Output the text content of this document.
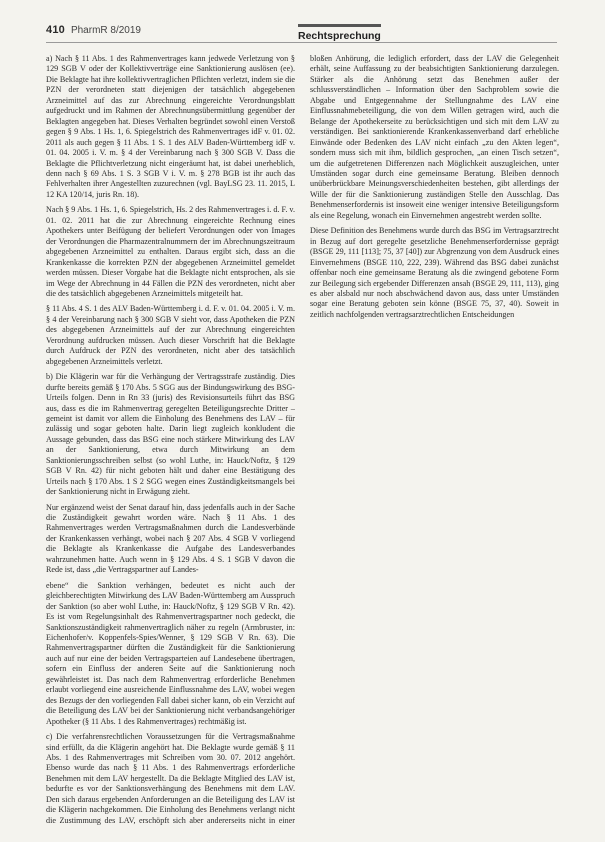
410 PharmR 8/2019	Rechtsprechung

a) Nach § 11 Abs. 1 des Rahmenvertrages kann jedwede Verletzung von § 129 SGB V oder der Kollektivverträge eine Sanktionierung auslösen (ee). Die Beklagte hat ihre kollektivvertraglichen Pflichten verletzt, indem sie die PZN der verordneten statt diejenigen der tatsächlich abgegebenen Arzneimittel auf das zur Abrechnung eingereichte Verordnungsblatt aufgedruckt und im Rahmen der Abrechnungsübermittlung gegenüber der Beklagten angegeben hat. Dieses Verhalten begründet sowohl einen Verstoß gegen § 9 Abs. 1 Hs. 1, 6. Spiegelstrich des Rahmenvertrages idF v. 01. 02. 2011 als auch gegen § 11 Abs. 1 S. 1 des ALV Baden-Württemberg idF v. 01. 04. 2005 i. V. m. § 4 der Vereinbarung nach § 300 SGB V. Dass die Beklagte die Pflichtverletzung nicht eingeräumt hat, ist dabei unerheblich, denn nach § 69 Abs. 1 S. 3 SGB V i. V. m. § 278 BGB ist ihr auch das Fehlverhalten ihrer Angestellten zuzurechnen (vgl. BayLSG 23. 11. 2015, L 12 KA 120/14, juris Rn. 18).

Nach § 9 Abs. 1 Hs. 1, 6. Spiegelstrich, Hs. 2 des Rahmenvertrages i. d. F. v. 01. 02. 2011 hat die zur Abrechnung eingereichte Rechnung eines Apothekers unter Beifügung der beliefert Verordnungen oder von Images der Verordnungen die Pharmazentralnummern der im Abrechnungszeitraum abgegebenen Arzneimittel zu enthalten. Daraus ergibt sich, dass an die Krankenkasse die korrekten PZN der abgegebenen Arzneimittel gemeldet werden müssen. Dieser Vorgabe hat die Beklagte nicht entsprochen, als sie im Wege der Abrechnung in 44 Fällen die PZN des verordneten, nicht aber die des tatsächlich abgegebenen Arzneimittels mitgeteilt hat.

§ 11 Abs. 4 S. 1 des ALV Baden-Württemberg i. d. F. v. 01. 04. 2005 i. V. m. § 4 der Vereinbarung nach § 300 SGB V sieht vor, dass Apotheken die PZN des abgegebenen Arzneimittels auf der zur Abrechnung eingereichten Verordnung aufdrucken müssen. Auch dieser Vorschrift hat die Beklagte durch Aufdruck der PZN des verordneten, nicht aber des tatsächlich abgegebenen Arzneimittels verletzt.

b) Die Klägerin war für die Verhängung der Vertragsstrafe zuständig. Dies durfte bereits gemäß § 170 Abs. 5 SGG aus der Bindungswirkung des BSG-Urteils folgen. Denn in Rn 33 (juris) des Revisionsurteils führt das BSG aus, dass es die im Rahmenvertrag geregelten Beteiligungsrechte Dritter – gemeint ist damit vor allem die Einholung des Benehmens des LAV – für zulässig und sogar geboten halte. Darin liegt zugleich konkludent die Aussage gebunden, dass das BSG eine noch stärkere Mitwirkung des LAV an der Sanktionierung, etwa durch Mitwirkung an dem Sanktionierungsschreiben selbst (so wohl Luthe, in: Hauck/Noftz, § 129 SGB V Rn. 42) für nicht geboten hält und daher eine Bestätigung des Urteils nach § 170 Abs. 1 S 2 SGG wegen eines Zuständigkeitsmangels bei der Sanktionierung nicht in Erwägung zieht.

Nur ergänzend weist der Senat darauf hin, dass jedenfalls auch in der Sache die Zuständigkeit gewahrt worden wäre. Nach § 11 Abs. 1 des Rahmenvertrages werden Vertragsmaßnahmen durch die Landesverbände der Krankenkassen verhängt, wobei nach § 207 Abs. 4 SGB V vorliegend die Beklagte als Krankenkasse die Aufgabe des Landesverbandes wahrzunehmen hatte. Auch wenn in § 129 Abs. 4 S. 1 SGB V davon die Rede ist, dass „die Vertragspartner auf Landes-

ebene“ die Sanktion verhängen, bedeutet es nicht auch der gleichberechtigten Mitwirkung des LAV Baden-Württemberg am Ausspruch der Sanktion (so aber wohl Luthe, in: Hauck/Noftz, § 129 SGB V Rn. 42). Es ist vom Regelungsinhalt des Rahmenvertragspartner noch gedeckt, die Sanktionszuständigkeit rahmenvertraglich näher zu regeln (Armbruster, in: Eichenhofer/v. Koppenfels-Spies/Wenner, § 129 SGB V Rn. 63). Die Rahmenvertragspartner dürften die Zuständigkeit für die Sanktionierung auch auf nur eine der beiden Vertragsparteien auf Landesebene übertragen, sofern ein Einfluss der anderen Seite auf die Sanktionierung noch gewährleistet ist. Das nach dem Rahmenvertrag erforderliche Benehmen erlaubt vorliegend eine ausreichende Einflussnahme des LAV, wobei wegen des Bezugs der den vorliegenden Fall dabei sicher kann, ob ein Verzicht auf die Beteiligung des LAV bei der Sanktionierung nicht verbandsangehöriger Apotheker (§ 11 Abs. 1 des Rahmenvertrages) rechtmäßig ist.

c) Die verfahrensrechtlichen Voraussetzungen für die Vertragsmaßnahme sind erfüllt, da die Klägerin angehört hat. Die Beklagte wurde gemäß § 11 Abs. 1 des Rahmenvertrages mit Schreiben vom 30. 07. 2012 angehört. Ebenso wurde das nach § 11 Abs. 1 des Rahmenvertrags erforderliche Benehmen mit dem LAV hergestellt. Da die Beklagte Mitglied des LAV ist, bedurfte es vor der Sanktionsverhängung des Benehmens mit dem LAV. Den sich daraus ergebenden Anforderungen an die Beteiligung des LAV ist die Klägerin nachgekommen. Die Einholung des Benehmens verlangt nicht die Zustimmung des LAV, erschöpft sich aber andererseits nicht in einer bloßen Anhörung, die lediglich erfordert, dass der LAV die Gelegenheit erhält, seine Auffassung zu der beabsichtigten Sanktionierung darzulegen. Stärker als die Anhörung setzt das Benehmen außer der schlussverständlichen – Information über den Sachproblem sowie die Abgabe und Entgegennahme der Stellungnahme des LAV eine Einflussnahmebeteiligung, die von dem Willen getragen wird, auch die Belange der Apothekerseite zu berücksichtigen und sich mit dem LAV zu verständigen. Bei sanktionierende Krankenkassenverband darf erhebliche Einwände oder Bedenken des LAV nicht einfach „zu den Akten legen“, sondern muss sich mit ihm, bildlich gesprochen, „an einen Tisch setzen“, um die aufgetretenen Differenzen nach Möglichkeit auszugleichen, unter Umständen sogar durch eine gemeinsame Beratung. Bleiben dennoch unüberbrückbare Meinungsverschiedenheiten bestehen, gibt allerdings der Wille der für die Sanktionierung zuständigen Stelle den Ausschlag. Das Benehmenserfordernis ist insoweit eine weniger intensive Beteiligungsform als eine Regelung, wonach ein Einvernehmen angestrebt werden sollte.

Diese Definition des Benehmens wurde durch das BSG im Vertragsarztrecht in Bezug auf dort geregelte gesetzliche Benehmenserfordernisse geprägt (BSGE 29, 111 [113]; 75, 37 [40]) zur Abgrenzung von dem Ausdruck eines Einvernehmens (BSGE 110, 222, 239). Während das BSG dabei zunächst offenbar noch eine gemeinsame Beratung als die zwingend gebotene Form zur Beilegung sich ergebender Differenzen ansah (BSGE 29, 111, 113), ging es aber alsbald nur noch abschwächend davon aus, dass unter Umständen sogar eine Beratung geboten sein könne (BSGE 75, 37, 40). Soweit in zeitlich nachfolgenden vertragsarztrechtlichen Entscheidungen
